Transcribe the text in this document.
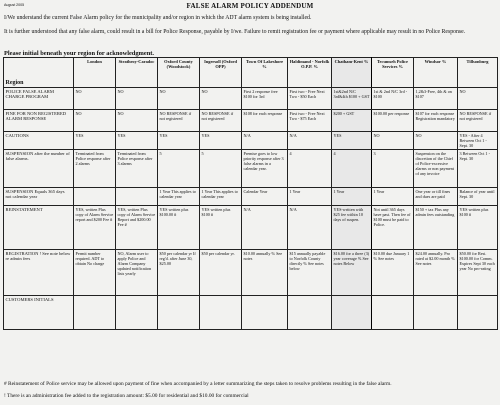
August 2005	FALSE ALARM POLICY ADDENDUM
I/We understand the current False Alarm policy for the municipality and/or region in which the ADT alarm system is being installed.
It is further understood that any false alarm, could result in a bill for Police Response, payable by I/we. Failure to remit registration fee or payment where applicable may result in no Police Response.
Please initial beneath your region for acknowledgment.
Region	London	Strathroy-Caradoc	Oxford County (Woodstock)	Ingersoll (Oxford OPP)	Town Of Lakeshore %	Haldimand - Norfolk O.P.P. %	Chatham-Kent %	Tecumseh Police Services %	Windsor %	Tillsonburg
POLICE FALSE ALARM CHARGE PROGRAM	NO	NO	NO	NO	First 2 response free $100 for 3rd	First two - Free Next Two - $50 Each	1st&2nd N/C 3rd&4th $100 + GST	1st & 2nd N/C 3rd - $100	1,2&3-Free, 4th & on $107	NO
FINE FOR NON REGISTERED ALARM RESPONSE	NO	NO	NO RESPONSE if not registered	NO RESPONSE if not registered	$108 for each response	First two - Free Next Two - $75 Each	$200 + GST	$100.00 per response	$107 for each response Registration mandatory	NO RESPONSE if not registered
CAUTIONS	YES	YES	YES	YES	N/A	N/A	YES	NO	NO	YES - After 4 Between Oct 1 - Sept. 30
SUSPENSION after the number of false alarms.	Terminated from Police response after 2 alarms	Terminated from Police response after 3 alarms	5	5	Premise goes to low priority response after 3 false alarms in a calendar year.	4	4	3	Suspension on the discretion of the Chief of Police-excessive alarms or non payment of any invoice	3 Between Oct 1 - Sept. 30
SUSPENSION Equals 365 days not calendar year			1 Year This applies to calendar year	1 Year This applies to calendar year	Calendar Year	1 Year	1 Year	1 Year	One year or till fines and dues are paid	Balance of year until Sept. 30
REINSTATEMENT	YES, written Plus copy of Alarm Service report and $200 Fee #	YES, written Plus copy of Alarm Service Report and $200.00 Fee #	YES written plus $100.00 #	YES written plus $100 #	N/A	N/A	YES-written with $25 fee within 10 days of suspen.	Not until 365 days have past. Then fee of $100 must be paid to Police.	$150 + tax Plus any admin fees outstanding	YES written plus $100 #
REGISTRATION ! See note below re admin fees	Permit number required. ADT to obtain No charge	NO, Alarm user to apply Police and Alarm Company updated notification lists yearly	$50 per calendar yr If reg'd. after June 30, $25.00	$50 per calendar yr.	$10.00 annually % See notes	$15 annually payable to Norfolk County directly % See notes below	$16.00 for a three (3) year coverage % See notes Below	$10.00 due January 1 % See notes	$24.00 annually. Pro rated at $2.00 month % See notes	$50.00 for Resi. $100.00 for Comm. Expires Sept 30 each year No pro-rating
CUSTOMERS INITIALS										
# Reinstatement of Police service may be allowed upon payment of fine when accompanied by a letter summarizing the steps taken to resolve problems resulting in the false alarm.
! There is an administration fee added to the registration amount: $5.00 for residential and $10.00 for commercial
